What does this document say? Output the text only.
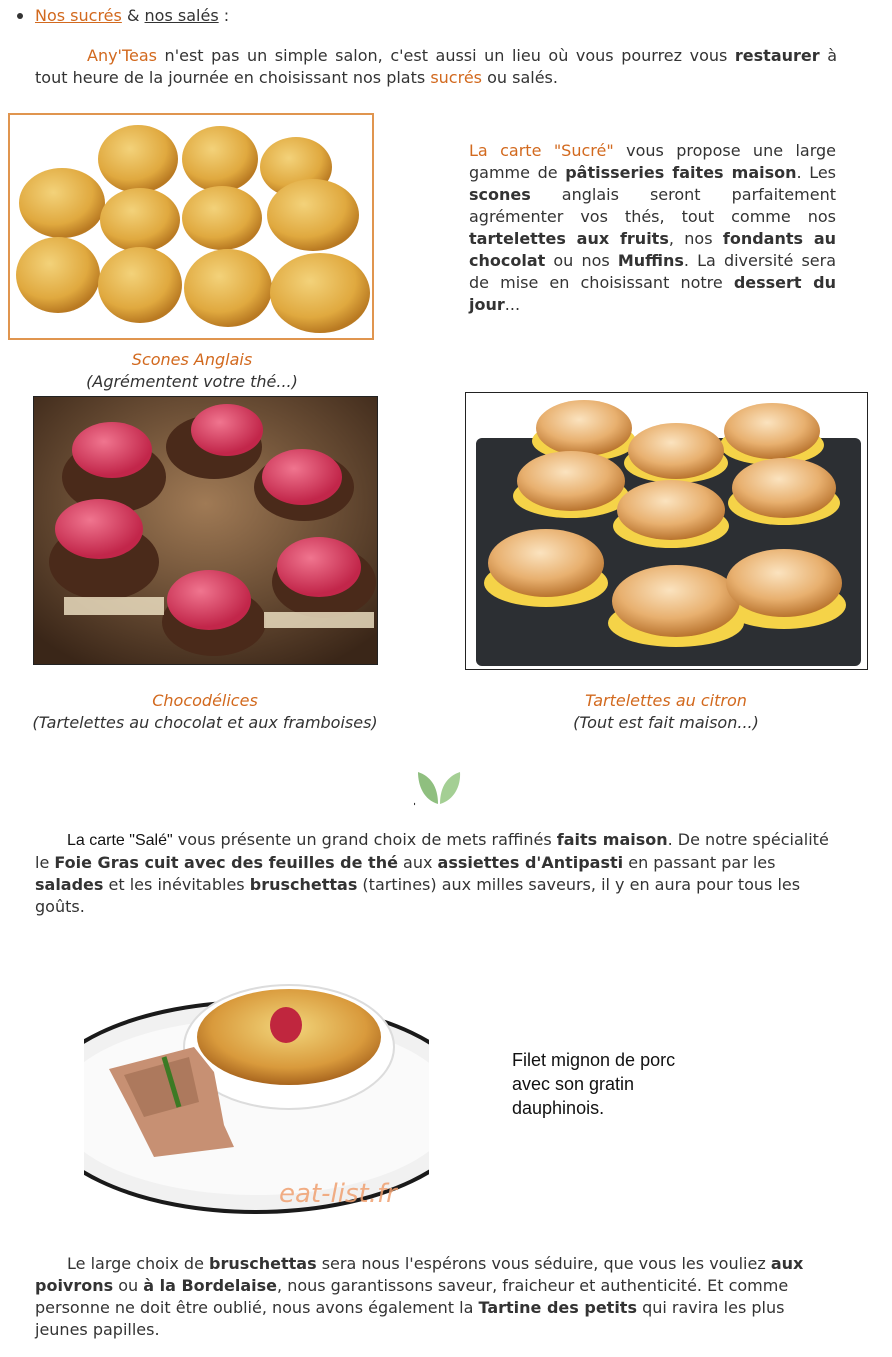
Nos sucrés & nos salés :
Any'Teas n'est pas un simple salon, c'est aussi un lieu où vous pourrez vous restaurer à tout heure de la journée en choisissant nos plats sucrés ou salés.
La carte "Sucré" vous propose une large gamme de pâtisseries faites maison. Les scones anglais seront parfaitement agrémenter vos thés, tout comme nos tartelettes aux fruits, nos fondants au chocolat ou nos Muffins. La diversité sera de mise en choisissant notre dessert du jour...
Scones Anglais
(Agrémentent votre thé...)
Chocodélices
(Tartelettes au chocolat et aux framboises)
Tartelettes au citron
(Tout est fait maison...)
La carte "Salé" vous présente un grand choix de mets raffinés faits maison. De notre spécialité le Foie Gras cuit avec des feuilles de thé aux assiettes d'Antipasti en passant par les salades et les inévitables bruschettas (tartines) aux milles saveurs, il y en aura pour tous les goûts.
eat-list.fr
Filet mignon de porc
avec son gratin
dauphinois.
Le large choix de bruschettas sera nous l'espérons vous séduire, que vous les vouliez aux poivrons ou à la Bordelaise, nous garantissons saveur, fraicheur et authenticité. Et comme personne ne doit être oublié, nous avons également la Tartine des petits qui ravira les plus jeunes papilles.
